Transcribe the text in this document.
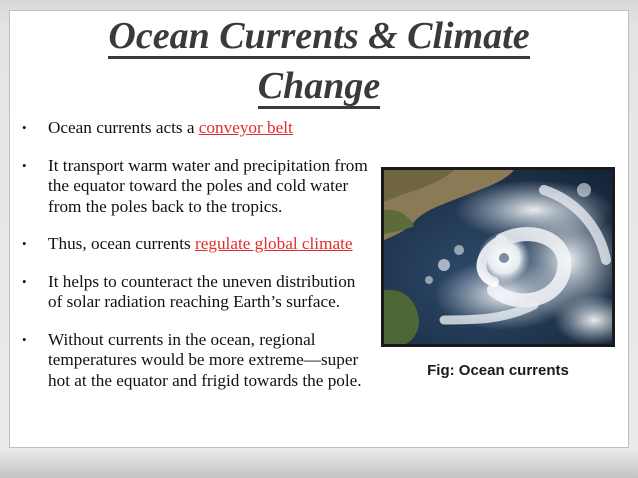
Ocean Currents & Climate
Change
•	Ocean currents acts a conveyor belt
•	It transport warm water and precipitation from the equator toward the poles and cold water from the poles back to the tropics.
•	Thus, ocean currents regulate global climate
•	It helps to counteract the uneven distribution of solar radiation reaching Earth’s surface.
•	Without currents in the ocean, regional temperatures would be more extreme—super hot at the equator and frigid towards the pole.	Fig: Ocean currents
